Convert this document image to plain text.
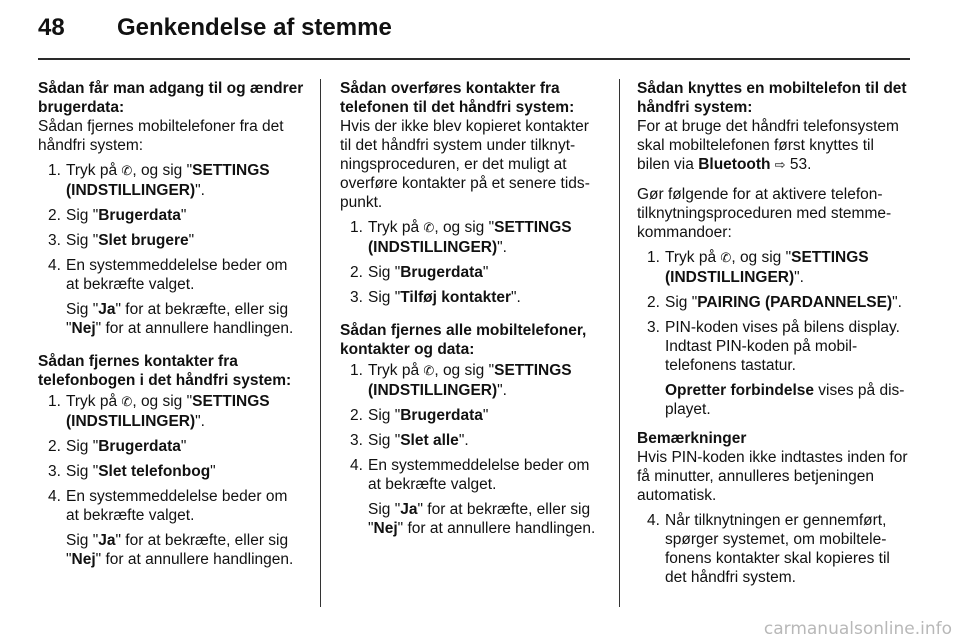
48 Genkendelse af stemme

Sådan får man adgang til og ændrer brugerdata:

Sådan fjernes mobiltelefoner fra det håndfri system:

1. Tryk på ✆, og sig "SETTINGS (INDSTILLINGER)".
2. Sig "Brugerdata"
3. Sig "Slet brugere"
4. En systemmeddelelse beder om at bekræfte valget.
Sig "Ja" for at bekræfte, eller sig "Nej" for at annullere handlingen.

Sådan fjernes kontakter fra telefonbogen i det håndfri system:

1. Tryk på ✆, og sig "SETTINGS (INDSTILLINGER)".
2. Sig "Brugerdata"
3. Sig "Slet telefonbog"
4. En systemmeddelelse beder om at bekræfte valget.
Sig "Ja" for at bekræfte, eller sig "Nej" for at annullere handlingen.

Sådan overføres kontakter fra telefonen til det håndfri system:

Hvis der ikke blev kopieret kontakter til det håndfri system under tilknytningsproceduren, er det muligt at overføre kontakter på et senere tidspunkt.

1. Tryk på ✆, og sig "SETTINGS (INDSTILLINGER)".
2. Sig "Brugerdata"
3. Sig "Tilføj kontakter".

Sådan fjernes alle mobiltelefoner, kontakter og data:

1. Tryk på ✆, og sig "SETTINGS (INDSTILLINGER)".
2. Sig "Brugerdata"
3. Sig "Slet alle".
4. En systemmeddelelse beder om at bekræfte valget.
Sig "Ja" for at bekræfte, eller sig "Nej" for at annullere handlingen.

Sådan knyttes en mobiltelefon til det håndfri system:

For at bruge det håndfri telefonsystem skal mobiltelefonen først knyttes til bilen via Bluetooth ⇨ 53.

Gør følgende for at aktivere telefontilknytningsproceduren med stemmekommandoer:

1. Tryk på ✆, og sig "SETTINGS (INDSTILLINGER)".
2. Sig "PAIRING (PARDANNELSE)".
3. PIN-koden vises på bilens display. Indtast PIN-koden på mobiltelefonens tastatur.
Opretter forbindelse vises på displayet.

Bemærkninger

Hvis PIN-koden ikke indtastes inden for få minutter, annulleres betjeningen automatisk.

4. Når tilknytningen er gennemført, spørger systemet, om mobiltelefonens kontakter skal kopieres til det håndfri system.
carmanualsonline.info
